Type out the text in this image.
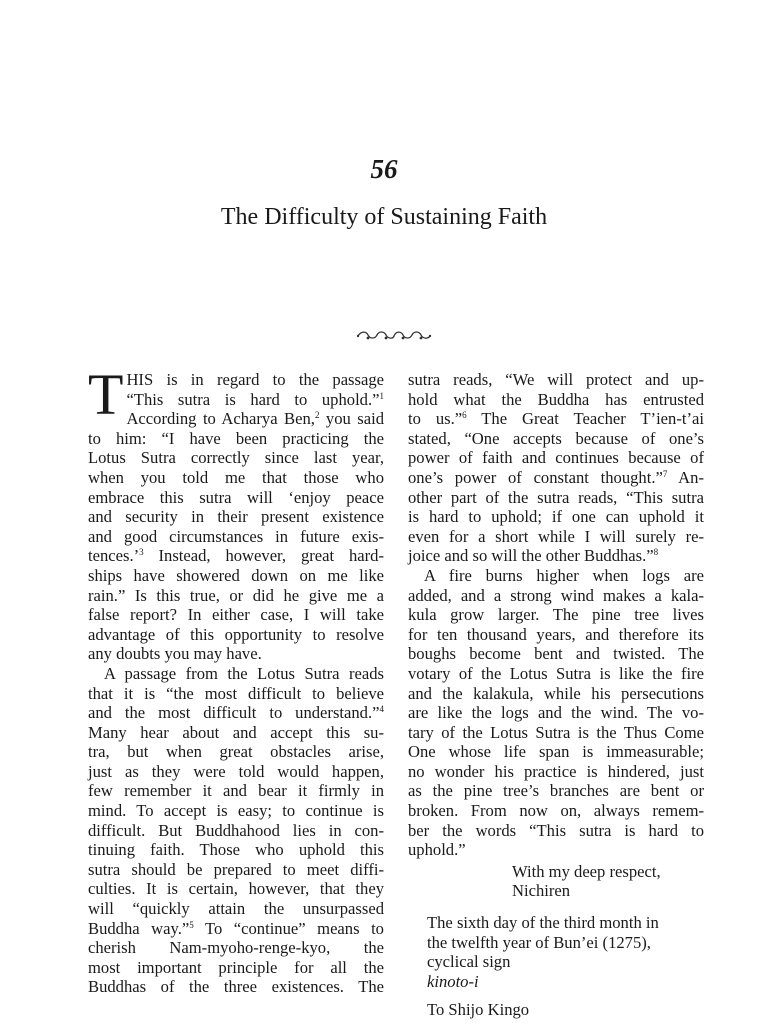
56
The Difficulty of Sustaining Faith

T HIS is in regard to the passage
“This sutra is hard to uphold.”$^1$
According to Acharya Ben,$^2$ you said
to him: “I have been practicing the
Lotus Sutra correctly since last year,
when you told me that those who
embrace this sutra will ‘enjoy peace
and security in their present existence
and good circumstances in future exis-
tences.’$^3$ Instead, however, great hard-
ships have showered down on me like
rain.” Is this true, or did he give me a
false report? In either case, I will take
advantage of this opportunity to resolve
any doubts you may have.

A passage from the Lotus Sutra reads
that it is “the most difficult to believe
and the most difficult to understand.”$^4$
Many hear about and accept this su-
tra, but when great obstacles arise,
just as they were told would happen,
few remember it and bear it firmly in
mind. To accept is easy; to continue is
difficult. But Buddhahood lies in con-
tinuing faith. Those who uphold this
sutra should be prepared to meet diffi-
culties. It is certain, however, that they
will “quickly attain the unsurpassed
Buddha way.”$^5$ To “continue” means to
cherish Nam-myoho-renge-kyo, the
most important principle for all the
Buddhas of the three existences. The

sutra reads, “We will protect and up-
hold what the Buddha has entrusted
to us.”$^6$ The Great Teacher T’ien-t’ai
stated, “One accepts because of one’s
power of faith and continues because of
one’s power of constant thought.”$^7$ An-
other part of the sutra reads, “This sutra
is hard to uphold; if one can uphold it
even for a short while I will surely re-
joice and so will the other Buddhas.”$^8$

A fire burns higher when logs are
added, and a strong wind makes a kala-
kula grow larger. The pine tree lives
for ten thousand years, and therefore its
boughs become bent and twisted. The
votary of the Lotus Sutra is like the fire
and the kalakula, while his persecutions
are like the logs and the wind. The vo-
tary of the Lotus Sutra is the Thus Come
One whose life span is immeasurable;
no wonder his practice is hindered, just
as the pine tree’s branches are bent or
broken. From now on, always remem-
ber the words “This sutra is hard to
uphold.”

With my deep respect,
Nichiren
The sixth day of the third month in
the twelfth year of Bun’ei (1275),
cyclical sign
kinoto-i
To Shijo Kingo
